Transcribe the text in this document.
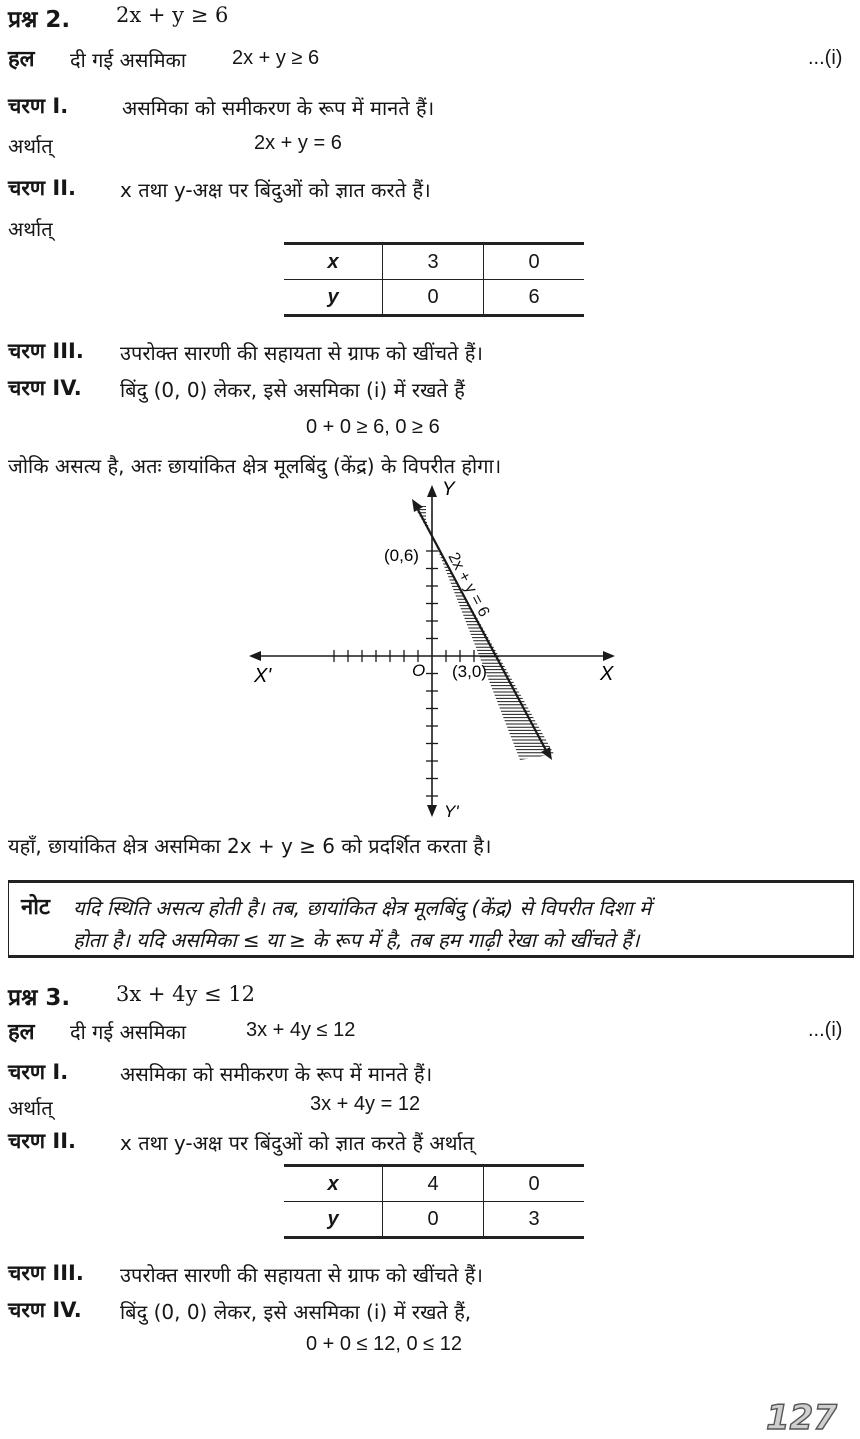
प्रश्न 2. 2x + y ≥ 6
हल दी गई असमिका 2x + y ≥ 6	...(i)
चरण I.	असमिका को समीकरण के रूप में मानते हैं।
अर्थात्	2x + y = 6
चरण II. x तथा y-अक्ष पर बिंदुओं को ज्ञात करते हैं।
अर्थात्
x	3	0
y	0	6
चरण III. उपरोक्त सारणी की सहायता से ग्राफ को खींचते हैं।
चरण IV. बिंदु (0, 0) लेकर, इसे असमिका (i) में रखते हैं
0 + 0 ≥ 6, 0 ≥ 6
जोकि असत्य है, अतः छायांकित क्षेत्र मूलबिंदु (केंद्र) के विपरीत होगा।
Y
Y'
X
X'	O
(0,6)
(3,0)
2x + y = 6
यहाँ, छायांकित क्षेत्र असमिका 2x + y ≥ 6 को प्रदर्शित करता है।
नोट यदि स्थिति असत्य होती है। तब, छायांकित क्षेत्र मूलबिंदु (केंद्र) से विपरीत दिशा में
होता है। यदि असमिका ≤ या ≥ के रूप में है, तब हम गाढ़ी रेखा को खींचते हैं।
प्रश्न 3. 3x + 4y ≤ 12
हल दी गई असमिका	3x + 4y ≤ 12	...(i)
चरण I.	असमिका को समीकरण के रूप में मानते हैं।
अर्थात्	3x + 4y = 12
चरण II. x तथा y-अक्ष पर बिंदुओं को ज्ञात करते हैं अर्थात्
x	4	0
y	0	3
चरण III. उपरोक्त सारणी की सहायता से ग्राफ को खींचते हैं।
चरण IV. बिंदु (0, 0) लेकर, इसे असमिका (i) में रखते हैं,
0 + 0 ≤ 12, 0 ≤ 12
127
